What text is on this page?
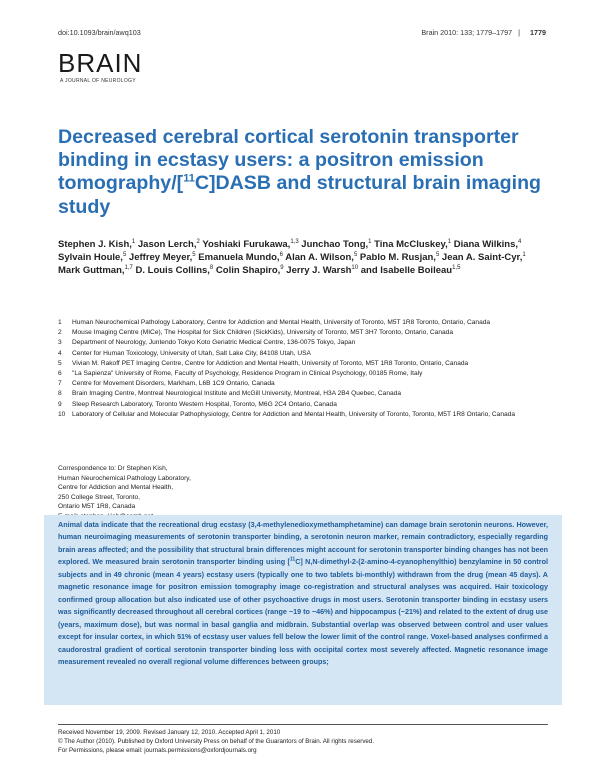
doi:10.1093/brain/awq103	Brain 2010: 133; 1779–1797 | 1779
BRAIN
A JOURNAL OF NEUROLOGY
Decreased cerebral cortical serotonin transporter binding in ecstasy users: a positron emission tomography/[$^{11}$C]DASB and structural brain imaging study

Stephen J. Kish,$^1$ Jason Lerch,$^2$ Yoshiaki Furukawa,$^{1,3}$ Junchao Tong,$^1$ Tina McCluskey,$^1$ Diana Wilkins,$^4$ Sylvain Houle,$^5$ Jeffrey Meyer,$^5$ Emanuela Mundo,$^6$ Alan A. Wilson,$^5$ Pablo M. Rusjan,$^5$ Jean A. Saint-Cyr,$^1$ Mark Guttman,$^{1,7}$ D. Louis Collins,$^8$ Colin Shapiro,$^9$ Jerry J. Warsh$^{10}$ and Isabelle Boileau$^{1,5}$

1	Human Neurochemical Pathology Laboratory, Centre for Addiction and Mental Health, University of Toronto, M5T 1R8 Toronto, Ontario, Canada
2	Mouse Imaging Centre (MICe), The Hospital for Sick Children (SickKids), University of Toronto, M5T 3H7 Toronto, Ontario, Canada
3	Department of Neurology, Juntendo Tokyo Koto Geriatric Medical Centre, 136-0075 Tokyo, Japan
4	Center for Human Toxicology, University of Utah, Salt Lake City, 84108 Utah, USA
5	Vivian M. Rakoff PET Imaging Centre, Centre for Addiction and Mental Health, University of Toronto, M5T 1R8 Toronto, Ontario, Canada
6	"La Sapienza" University of Rome, Faculty of Psychology, Residence Program in Clinical Psychology, 00185 Rome, Italy
7	Centre for Movement Disorders, Markham, L6B 1C9 Ontario, Canada
8	Brain Imaging Centre, Montreal Neurological Institute and McGill University, Montreal, H3A 2B4 Quebec, Canada
9	Sleep Research Laboratory, Toronto Western Hospital, Toronto, M6G 2C4 Ontario, Canada
10	Laboratory of Cellular and Molecular Pathophysiology, Centre for Addiction and Mental Health, University of Toronto, Toronto, M5T 1R8 Ontario, Canada
Correspondence to: Dr Stephen Kish,
Human Neurochemical Pathology Laboratory,
Centre for Addiction and Mental Health,
250 College Street, Toronto,
Ontario M5T 1R8, Canada

Animal data indicate that the recreational drug ecstasy (3,4-methylenedioxymethamphetamine) can damage brain serotonin neurons. However, human neuroimaging measurements of serotonin transporter binding, a serotonin neuron marker, remain contradictory, especially regarding brain areas affected; and the possibility that structural brain differences might account for serotonin transporter binding changes has not been explored. We measured brain serotonin transporter binding using [$^{11}$C] N,N-dimethyl-2-(2-amino-4-cyanophenylthio) benzylamine in 50 control subjects and in 49 chronic (mean 4 years) ecstasy users (typically one to two tablets bi-monthly) withdrawn from the drug (mean 45 days). A magnetic resonance image for positron emission tomography image co-registration and structural analyses was acquired. Hair toxicology confirmed group allocation but also indicated use of other psychoactive drugs in most users. Serotonin transporter binding in ecstasy users was significantly decreased throughout all cerebral cortices (range −19 to −46%) and hippocampus (−21%) and related to the extent of drug use (years, maximum dose), but was normal in basal ganglia and midbrain. Substantial overlap was observed between control and user values except for insular cortex, in which 51% of ecstasy user values fell below the lower limit of the control range. Voxel-based analyses confirmed a caudorostral gradient of cortical serotonin transporter binding loss with occipital cortex most severely affected. Magnetic resonance image measurement revealed no overall regional volume differences between groups;

Received November 19, 2009. Revised January 12, 2010. Accepted April 1, 2010
© The Author (2010). Published by Oxford University Press on behalf of the Guarantors of Brain. All rights reserved.
For Permissions, please email: journals.permissions@oxfordjournals.org
